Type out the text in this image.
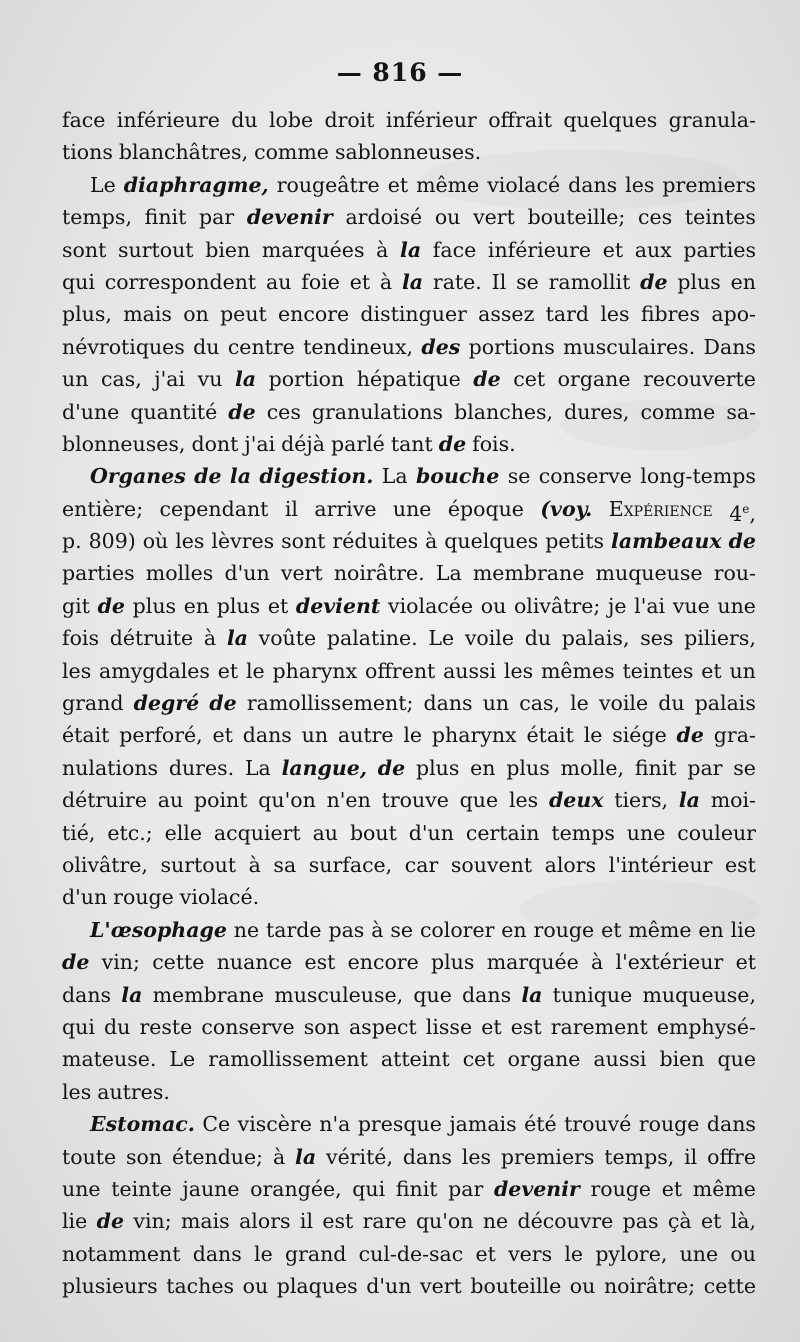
— 816 —
face inférieure du lobe droit inférieur offrait quelques granula-
tions blanchâtres, comme sablonneuses.
Le diaphragme, rougeâtre et même violacé dans les premiers
temps, finit par devenir ardoisé ou vert bouteille; ces teintes
sont surtout bien marquées à la face inférieure et aux parties
qui correspondent au foie et à la rate. Il se ramollit de plus en
plus, mais on peut encore distinguer assez tard les fibres apo-
névrotiques du centre tendineux, des portions musculaires. Dans
un cas, j'ai vu la portion hépatique de cet organe recouverte
d'une quantité de ces granulations blanches, dures, comme sa-
blonneuses, dont j'ai déjà parlé tant de fois.
Organes de la digestion. La bouche se conserve long-temps
entière; cependant il arrive une époque (voy. Expérience 4e,
p. 809) où les lèvres sont réduites à quelques petits lambeaux de
parties molles d'un vert noirâtre. La membrane muqueuse rou-
git de plus en plus et devient violacée ou olivâtre; je l'ai vue une
fois détruite à la voûte palatine. Le voile du palais, ses piliers,
les amygdales et le pharynx offrent aussi les mêmes teintes et un
grand degré de ramollissement; dans un cas, le voile du palais
était perforé, et dans un autre le pharynx était le siége de gra-
nulations dures. La langue, de plus en plus molle, finit par se
détruire au point qu'on n'en trouve que les deux tiers, la moi-
tié, etc.; elle acquiert au bout d'un certain temps une couleur
olivâtre, surtout à sa surface, car souvent alors l'intérieur est
d'un rouge violacé.
L'œsophage ne tarde pas à se colorer en rouge et même en lie
de vin; cette nuance est encore plus marquée à l'extérieur et
dans la membrane musculeuse, que dans la tunique muqueuse,
qui du reste conserve son aspect lisse et est rarement emphysé-
mateuse. Le ramollissement atteint cet organe aussi bien que
les autres.
Estomac. Ce viscère n'a presque jamais été trouvé rouge dans
toute son étendue; à la vérité, dans les premiers temps, il offre
une teinte jaune orangée, qui finit par devenir rouge et même
lie de vin; mais alors il est rare qu'on ne découvre pas çà et là,
notamment dans le grand cul-de-sac et vers le pylore, une ou
plusieurs taches ou plaques d'un vert bouteille ou noirâtre; cette
